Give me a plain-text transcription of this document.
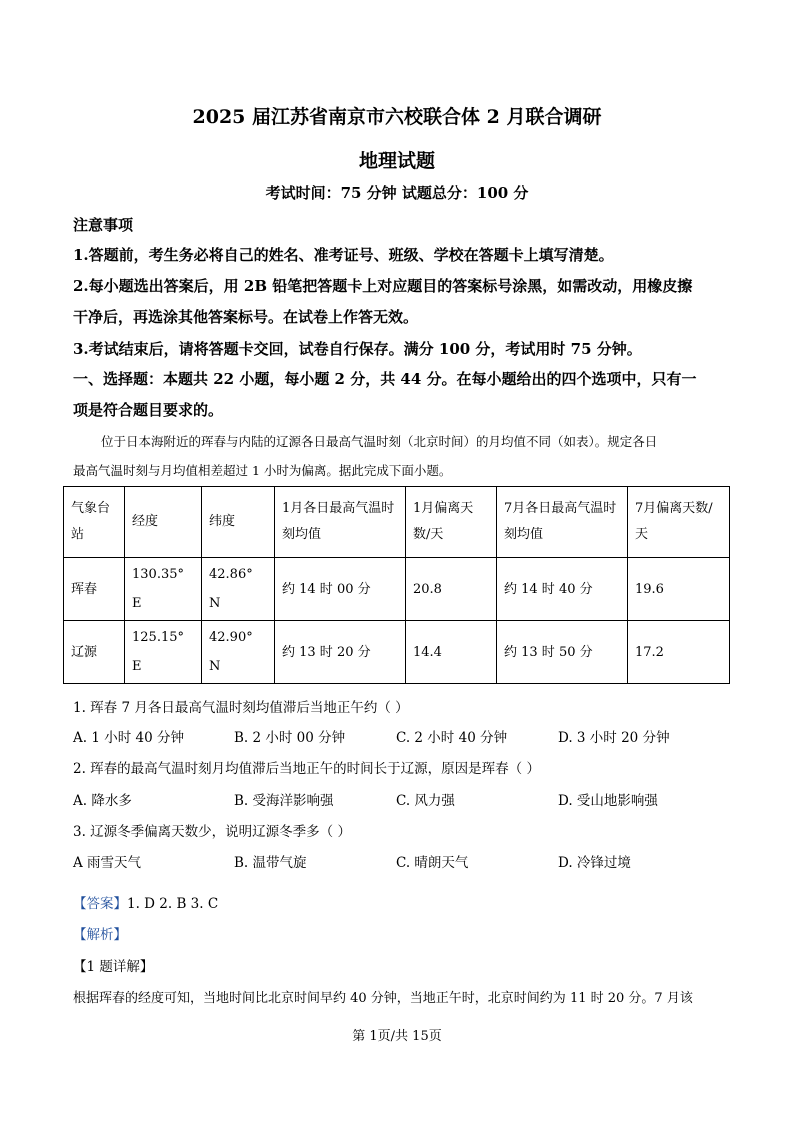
2025 届江苏省南京市六校联合体 2 月联合调研
地理试题
考试时间：75 分钟 试题总分：100 分
注意事项
1.答题前，考生务必将自己的姓名、准考证号、班级、学校在答题卡上填写清楚。
2.每小题选出答案后，用 2B 铅笔把答题卡上对应题目的答案标号涂黑，如需改动，用橡皮擦
干净后，再选涂其他答案标号。在试卷上作答无效。
3.考试结束后，请将答题卡交回，试卷自行保存。满分 100 分，考试用时 75 分钟。
一、选择题：本题共 22 小题，每小题 2 分，共 44 分。在每小题给出的四个选项中，只有一
项是符合题目要求的。
位于日本海附近的珲春与内陆的辽源各日最高气温时刻（北京时间）的月均值不同（如表）。规定各日
最高气温时刻与月均值相差超过 1 小时为偏离。据此完成下面小题。
气象台站	经度	纬度	1月各日最高气温时刻均值	1月偏离天数/天	7月各日最高气温时刻均值	7月偏离天数/天
珲春	130.35° E	42.86° N	约 14 时 00 分	20.8	约 14 时 40 分	19.6
辽源	125.15° E	42.90° N	约 13 时 20 分	14.4	约 13 时 50 分	17.2
1. 珲春 7 月各日最高气温时刻均值滞后当地正午约（ ）
A. 1 小时 40 分钟	B. 2 小时 00 分钟	C. 2 小时 40 分钟	D. 3 小时 20 分钟
2. 珲春的最高气温时刻月均值滞后当地正午的时间长于辽源，原因是珲春（ ）
A. 降水多	B. 受海洋影响强	C. 风力强	D. 受山地影响强
3. 辽源冬季偏离天数少，说明辽源冬季多（ ）
A 雨雪天气	B. 温带气旋	C. 晴朗天气	D. 冷锋过境
【答案】1. D 2. B 3. C
【解析】
【1 题详解】
根据珲春的经度可知，当地时间比北京时间早约 40 分钟，当地正午时，北京时间约为 11 时 20 分。7 月该
第 1页/共 15页
